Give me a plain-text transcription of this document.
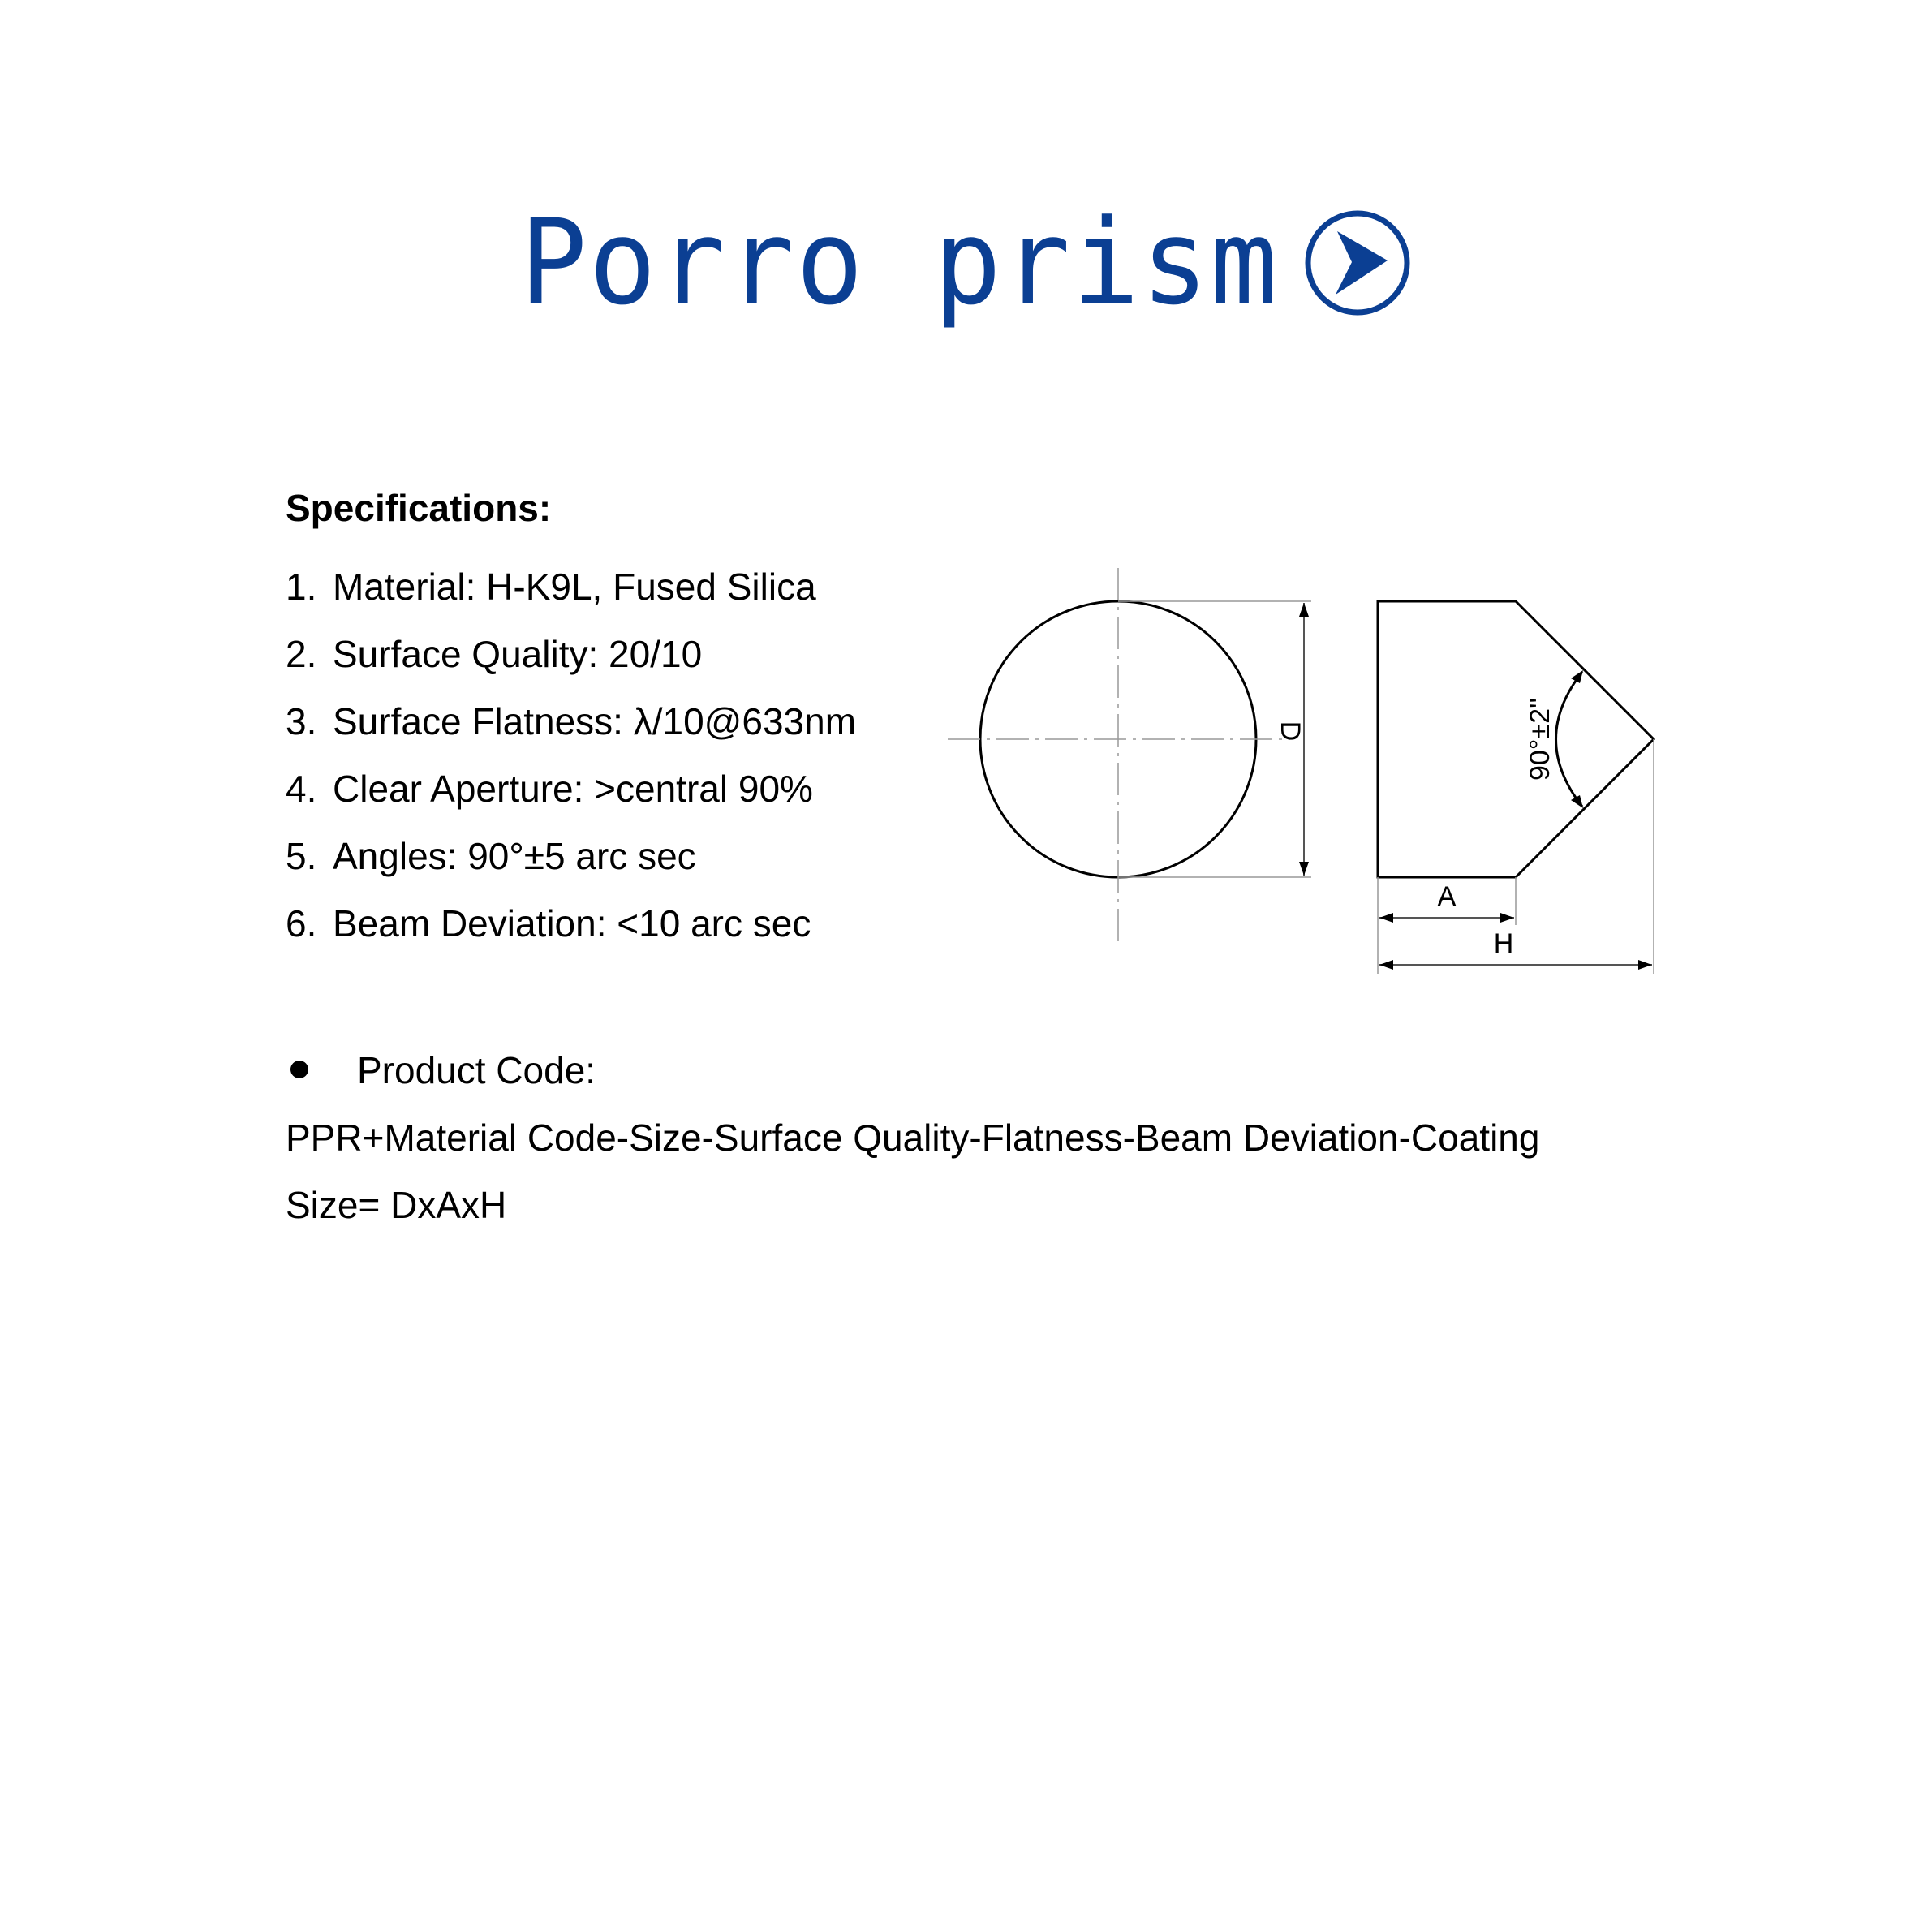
Porro prism
Specifications:
1. Material: H-K9L, Fused Silica
2. Surface Quality: 20/10
3. Surface Flatness: λ/10@633nm
4. Clear Aperture: >central 90%
5. Angles: 90°±5 arc sec
6. Beam Deviation: <10 arc sec
D	90°±2''
A
H
Product Code:
PPR+Material Code-Size-Surface Quality-Flatness-Beam Deviation-Coating
Size= DxAxH
